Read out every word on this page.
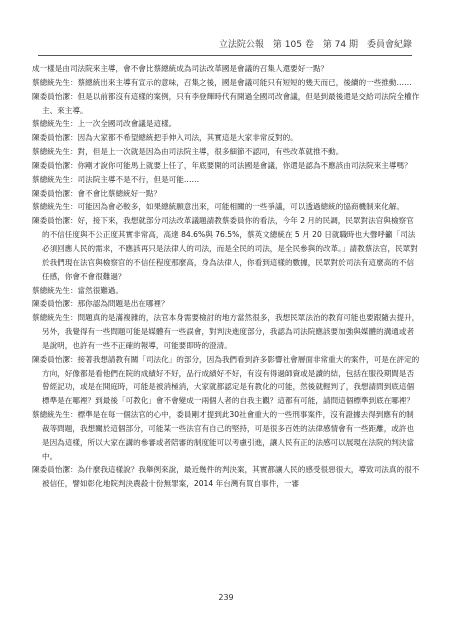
立法院公報　第 105 卷　第 74 期　委員會紀錄

成一樣是由司法院來主導，會不會比蔡總統成為司法改革國是會議的召集人還要好一點？

蔡總統先生：蔡總統出來主導有宣示的意味，召集之後，國是會議可能只有短短的幾天而已，後續的一些推動……

陳委員怡潔：但是以前都沒有這樣的案例，只有李登輝時代有開過全國司改會議，但是到最後還是交給司法院全權作主、來主導。

蔡總統先生：上一次全國司改會議是這樣。

陳委員怡潔：因為大家都不希望總統把手伸入司法，其實這是大家非常反對的。

蔡總統先生：對，但是上一次就是因為由司法院主導，很多細節不認同，有些改革就推不動。

陳委員怡潔：你剛才說你可能馬上就要上任了，年底要開的司法國是會議，你還是認為不應該由司法院來主導嗎？

蔡總統先生：司法院主導不是不行，但是可能……

陳委員怡潔：會不會比蔡總統好一點？

蔡總統先生：可能因為會必較多，如果總統願意出來，可能相關的一些爭議，可以透過總統的協商機制來化解。

陳委員怡潔：好，接下來，我想就部分司法改革議題請教蔡委員你的看法，今年 2 月的民調，民眾對法官與檢察官的不信任度與不公正度其實非常高，高達 84.6%與 76.5%，蔡英文總統在 5 月 20 日就職時也大聲呼籲「司法必須回應人民的需求，不應該再只是法律人的司法，而是全民的司法，是全民參與的改革。」請教蔡法官，民眾對於我們現在法官與檢察官的不信任程度那麼高，身為法律人，你看到這樣的數據，民眾對於司法有這麼高的不信任感，你會不會很難過？

蔡總統先生：當然很難過。

陳委員怡潔：那你認為問題是出在哪裡？

蔡總統先生：問題真的是滿複雜的，法官本身需要檢討的地方當然很多，我想民眾法治的教育可能也要跟隨去提升，另外，我覺得有一些問題可能是媒體有一些誤會，對判決進度部分，我認為司法院應該要加強與媒體的溝通或者是說明，也許有一些不正確的報導，可能要即時的澄清。

陳委員怡潔：接著我想請教有關「司法化」的部分，因為我們看到許多影響社會層面非常重大的案件，可是在評定的方向，好像都是看他們在院的成績好不好，品行成績好不好，有沒有得過師資或是讀的結，包括在服役期間是否曾經記功，或是在開庭時，可能是被消極消，大家就都認定是有教化的可能，然後就輕判了，我想請問到底這個標準是在哪裡？到最後「可教化」會不會變成一兩個人者的自我主觀？這都有可能，請問這個標準到底在哪裡？

蔡總統先生：標準是在每一個法官的心中，委員剛才提到此30社會重大的一些刑事案件，沒有證據去得到應有的制裁等問題，我想關於這個部分，可能某一些法官有自己的堅持，可是很多百姓的法律感情會有一些距離，或許也是因為這樣，所以大家在講的參審或者陪審的制度能可以考慮引進，讓人民有正的法感可以展現在法院的判決當中。

陳委員怡潔：為什麼我這樣說？我舉例來說，最近幾件的判決案，其實都讓人民的感受很惡很大，導致司法真的很不被信任，譬如彰化地院判決農殺十份無罪案，2014 年台灣有買自事件，一審

239
